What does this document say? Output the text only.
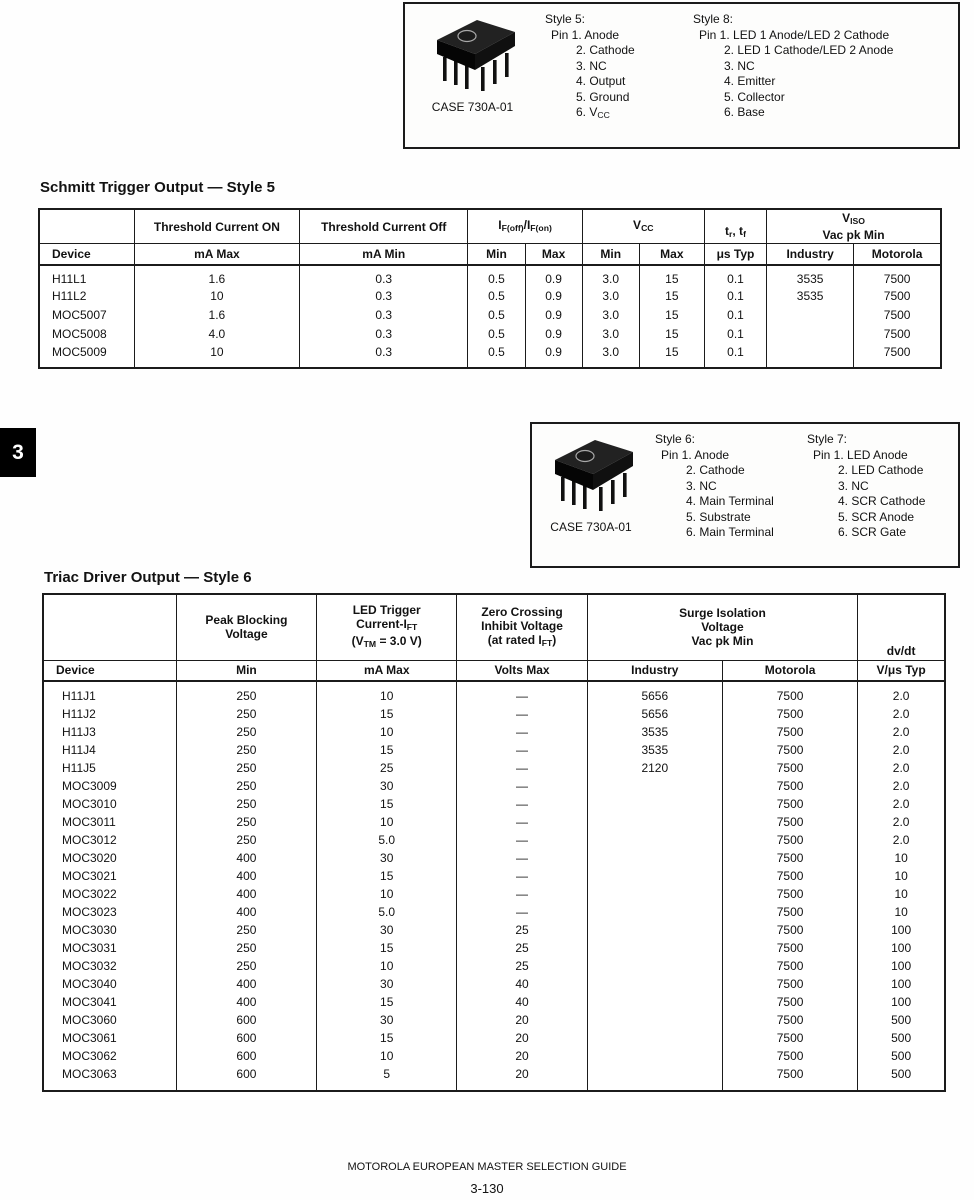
CASE 730A-01
Style 5:
Pin 1. Anode
2. Cathode
3. NC
4. Output
5. Ground
6. $V_{CC}$
Style 8:
Pin 1. LED 1 Anode/LED 2 Cathode
2. LED 1 Cathode/LED 2 Anode
3. NC
4. Emitter
5. Collector
6. Base
Schmitt Trigger Output — Style 5
	Threshold Current ON	Threshold Current Off	$I_{F(off)}/I_{F(on)}$		$V_{CC}$		$t_r$, $t_f$	$V_{ISO}$
Vac pk Min	
Device	mA Max	mA Min	Min	Max	Min	Max	μs Typ	Industry	Motorola
H11L1	1.6	0.3	0.5	0.9	3.0	15	0.1	3535	7500
H11L2	10	0.3	0.5	0.9	3.0	15	0.1	3535	7500
MOC5007	1.6	0.3	0.5	0.9	3.0	15	0.1		7500
MOC5008	4.0	0.3	0.5	0.9	3.0	15	0.1		7500
MOC5009	10	0.3	0.5	0.9	3.0	15	0.1		7500
3
CASE 730A-01
Style 6:
Pin 1. Anode
2. Cathode
3. NC
4. Main Terminal
5. Substrate
6. Main Terminal
Style 7:
Pin 1. LED Anode
2. LED Cathode
3. NC
4. SCR Cathode
5. SCR Anode
6. SCR Gate
Triac Driver Output — Style 6
	Peak Blocking
Voltage	LED Trigger
Current-$I_{FT}$
($V_{TM} = 3.0$ V)	Zero Crossing
Inhibit Voltage
(at rated $I_{FT}$)	Surge Isolation
Voltage
Vac pk Min		dv/dt
Device	Min	mA Max	Volts Max	Industry	Motorola	V/μs Typ
H11J1	250	10	—	5656	7500	2.0
H11J2	250	15	—	5656	7500	2.0
H11J3	250	10	—	3535	7500	2.0
H11J4	250	15	—	3535	7500	2.0
H11J5	250	25	—	2120	7500	2.0
MOC3009	250	30	—		7500	2.0
MOC3010	250	15	—		7500	2.0
MOC3011	250	10	—		7500	2.0
MOC3012	250	5.0	—		7500	2.0
MOC3020	400	30	—		7500	10
MOC3021	400	15	—		7500	10
MOC3022	400	10	—		7500	10
MOC3023	400	5.0	—		7500	10
MOC3030	250	30	25		7500	100
MOC3031	250	15	25		7500	100
MOC3032	250	10	25		7500	100
MOC3040	400	30	40		7500	100
MOC3041	400	15	40		7500	100
MOC3060	600	30	20		7500	500
MOC3061	600	15	20		7500	500
MOC3062	600	10	20		7500	500
MOC3063	600	5	20		7500	500
MOTOROLA EUROPEAN MASTER SELECTION GUIDE
3-130
